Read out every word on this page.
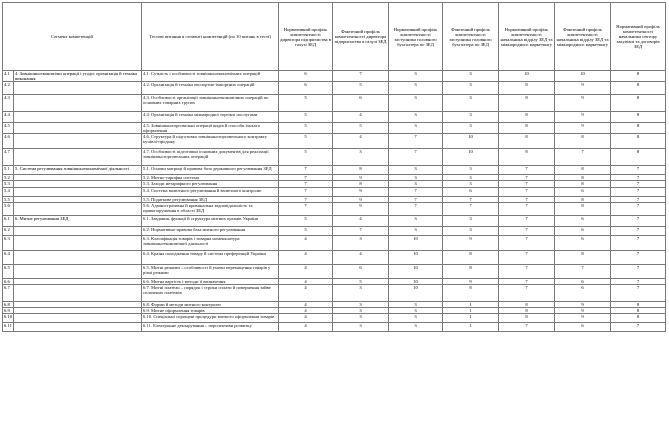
Сегмент компетенцій		Тестові питання в сегменті компетенцій (по 10 питань в тесті)	Нормативний профіль компетентності директора підприємства в галузі ЗЕД	Фактичний профіль компетентності директора підприємства в галузі ЗЕД	Нормативний профіль компетентності заступника головного бухгалтера по ЗЕД	Фактичний профіль компетентності заступника головного бухгалтера по ЗЕД	Нормативний профіль компетентності начальника відділу ЗЕД та міжнародного маркетингу	Фактичний профіль компетентності начальника відділу ЗЕД та міжнародного маркетингу	Нормативний профіль компетентності начальника сектору закупівлі та договорів ЗЕД
4.1	4. Зовнішньоекономічні операції і угоди: організація й техніка виконання	4.1. Сутність і особливості зовнішньоекономічних операцій	6	7	3	3	10	10	8
4.2		4.2. Організація й техніка експортно-імпортних операцій	6	5	3	3	8	9	8
4.3		4.3. Особливості організації зовнішньоекономічних операцій по основних товарних групах	5	6	3	3	8	9	8
4.4		4.4. Організація й техніка міжнародної торгівлі послугами	5	4	3	3	8	9	8
4.5		4.5. Зовнішньоторговельні операції видів й способи їхнього оформлення	5	5	3	3	8	9	8
4.6		4.6. Структура й підготовка зовнішньоторговельного контракту купівлі-продажу	5	4	7	10	8	8	8
4.7		4.7. Особливості підготовки основних документів для реалізації зовнішньоторговельних операцій	5	3	7	10	8	7	8
5.1	5. Система регулювання зовнішньоекономічної діяльності	5.1. Основи матриці й правова база державного регулювання ЗЕД	7	8	3	3	7	8	7
5.2		5.2. Митно-тарифна система	7	9	3	3	7	8	7
5.3		5.3. Заходи нетарифного регулювання	7	8	3	3	7	8	7
5.4		5.4. Система валютного регулювання й валютного контролю	7	9	7	6	7	6	7
5.5		5.5. Податкове регулювання ЗЕД	7	9	7	7	7	8	7
5.6		5.6. Адміністративна й кримінальна відповідальність та правопорушення в області ЗЕД	7	9	7	7	7	8	7
6.1	6. Митне регулювання ЗЕД	6.1. Завдання, функції й структура митних органів України	5	4	3	3	7	6	7
6.2		6.2. Нормативно-правова база митного регулювання	5	7	3	3	7	6	7
6.3		6.3. Класифікація товарів і товарна номенклатура зовнішньоекономічної діяльності	4	3	10	9	7	6	7
6.4		6.4. Країна походження товару й система преференцій України	4	4	10	8	7	8	7
6.5		6.5. Митні режими – особливості й умови переміщення товарів у різні режими	4	6	10	8	7	7	7
6.6		6.6. Митна вартість і методи її визначення	4	5	10	9	7	6	7
6.7		6.7. Митні платежі – порядок і строки сплати й повернення зайве сплачених платежів	4	3	10	8	7	6	7
6.8		6.8. Форми й методи митного контролю	4	3	3	1	8	9	8
6.9		6.9. Митне оформлення товарів	4	3	3	1	8	9	8
6.10		6.10. Спеціальні спрощені процедури митного оформлення товарів	4	3	3	1	8	9	8
6.11		6.11. Електронне декларування – перспективи розвитку	4	3	3	1	7	6	7
